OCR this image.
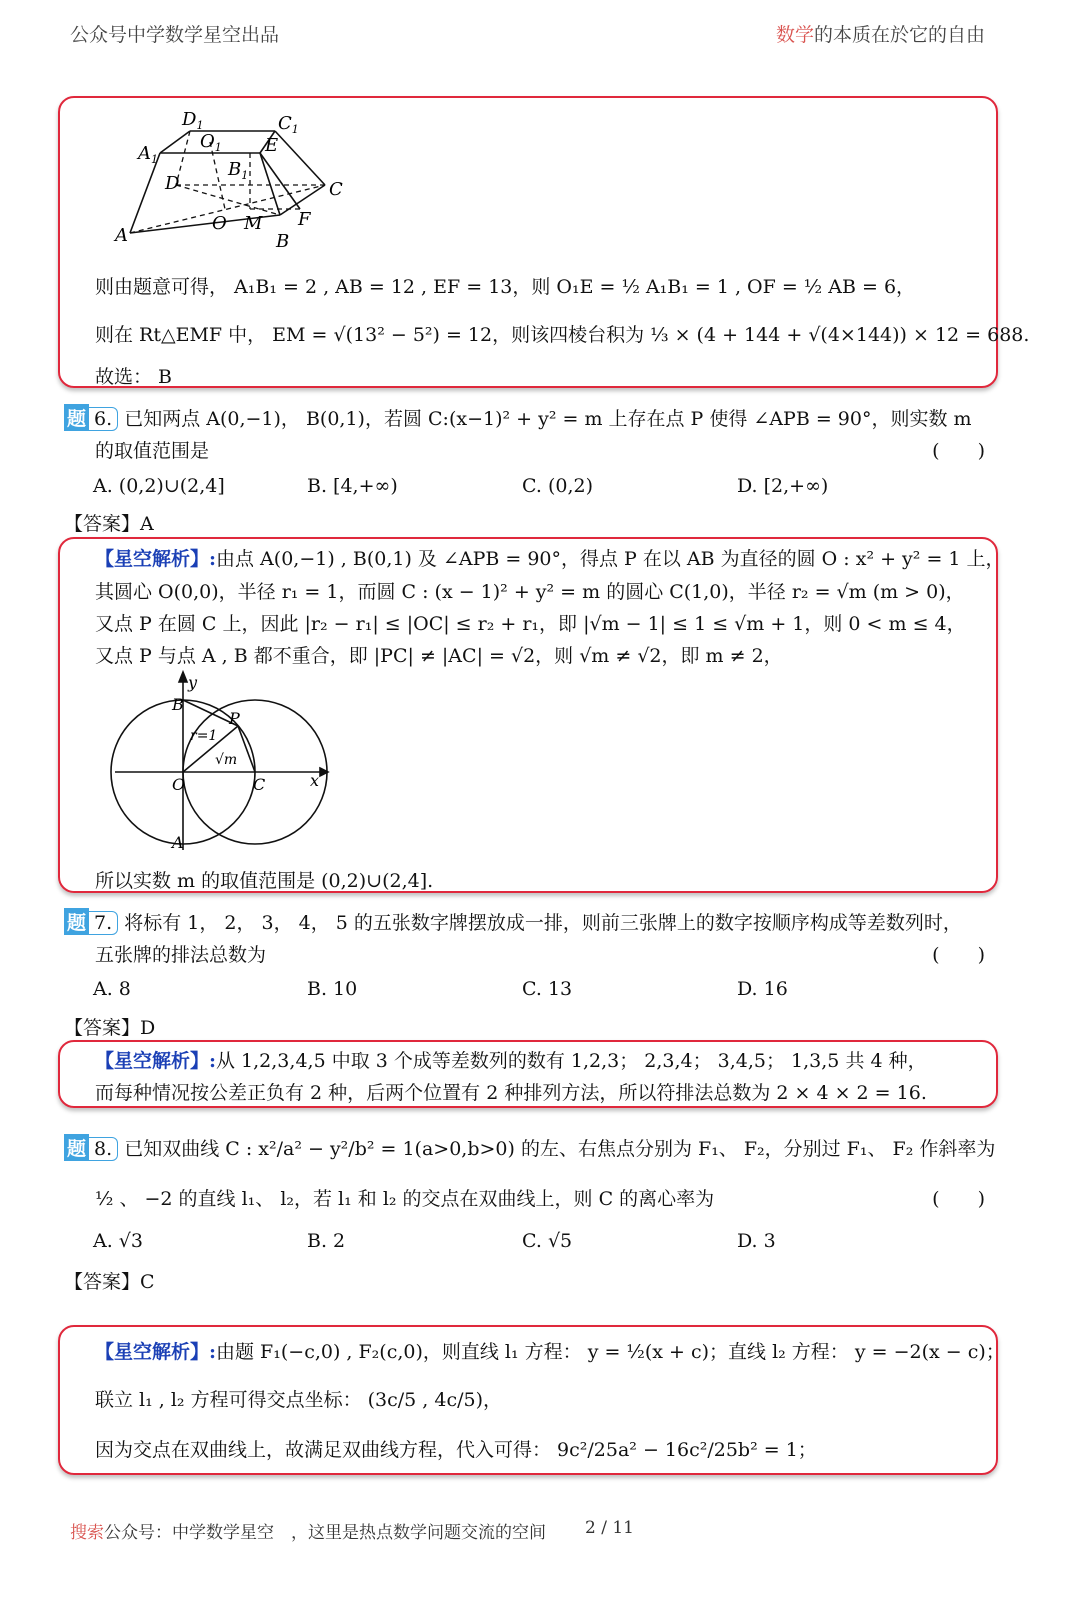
公众号中学数学星空出品	数学的本质在於它的自由
$D_1$	$C_1$
$A_1$
$O_1$ E
$B_1$
D	C
A
O M F
B
则由题意可得， A₁B₁ = 2 , AB = 12 , EF = 13，则 O₁E = ½ A₁B₁ = 1 , OF = ½ AB = 6，
则在 Rt△EMF 中， EM = √(13² − 5²) = 12，则该四棱台积为 ⅓ × (4 + 144 + √(4×144)) × 12 = 688.
故选： B
题 6. 已知两点 A(0,−1)， B(0,1)，若圆 C:(x−1)² + y² = m 上存在点 P 使得 ∠APB = 90°，则实数 m
的取值范围是	(　　)
A. (0,2)∪(2,4]	B. [4,+∞)	C. (0,2)	D. [2,+∞)
【答案】A
【星空解析】:由点 A(0,−1) , B(0,1) 及 ∠APB = 90°，得点 P 在以 AB 为直径的圆 O : x² + y² = 1 上，
其圆心 O(0,0)，半径 r₁ = 1，而圆 C : (x − 1)² + y² = m 的圆心 C(1,0)，半径 r₂ = √m (m > 0)，
又点 P 在圆 C 上，因此 |r₂ − r₁| ≤ |OC| ≤ r₂ + r₁，即 |√m − 1| ≤ 1 ≤ √m + 1，则 0 < m ≤ 4，
又点 P 与点 A , B 都不重合，即 |PC| ≠ |AC| = √2，则 √m ≠ √2，即 m ≠ 2，
y
B
P
r=1
√m
O	C	x
A
所以实数 m 的取值范围是 (0,2)∪(2,4].
题 7. 将标有 1， 2， 3， 4， 5 的五张数字牌摆放成一排，则前三张牌上的数字按顺序构成等差数列时，
五张牌的排法总数为	(　　)
A. 8	B. 10	C. 13	D. 16
【答案】D
【星空解析】:从 1,2,3,4,5 中取 3 个成等差数列的数有 1,2,3； 2,3,4； 3,4,5； 1,3,5 共 4 种，
而每种情况按公差正负有 2 种，后两个位置有 2 种排列方法，所以符排法总数为 2 × 4 × 2 = 16.
题 8. 已知双曲线 C : x²/a² − y²/b² = 1(a>0,b>0) 的左、右焦点分别为 F₁、 F₂，分别过 F₁、 F₂ 作斜率为
½ 、 −2 的直线 l₁、 l₂，若 l₁ 和 l₂ 的交点在双曲线上，则 C 的离心率为	(　　)
A. √3	B. 2	C. √5	D. 3
【答案】C
【星空解析】:由题 F₁(−c,0) , F₂(c,0)，则直线 l₁ 方程： y = ½(x + c)；直线 l₂ 方程： y = −2(x − c)；
联立 l₁ , l₂ 方程可得交点坐标： (3c/5 , 4c/5)，
因为交点在双曲线上，故满足双曲线方程，代入可得： 9c²/25a² − 16c²/25b² = 1；
搜索公众号：中学数学星空　，这里是热点数学问题交流的空间 2 / 11
